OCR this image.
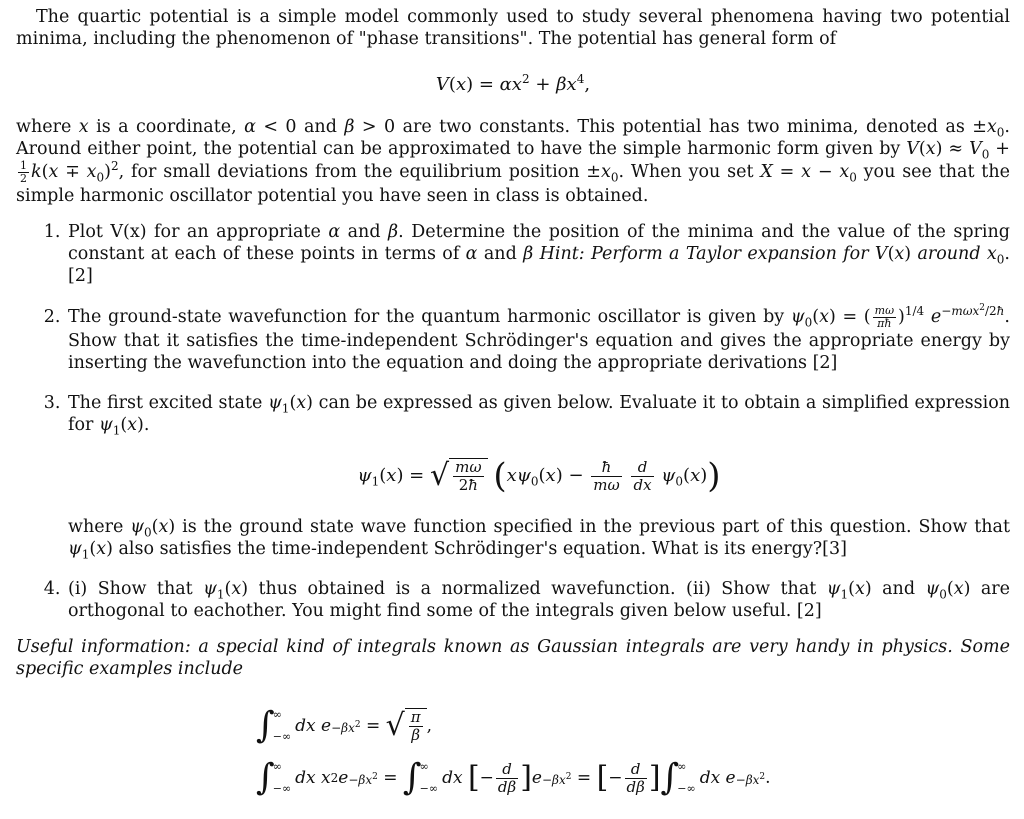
The quartic potential is a simple model commonly used to study several phenomena having two potential minima, including the phenomenon of "phase transitions". The potential has general form of

$V(x) = \alpha x^2 + \beta x^4$,

where x is a coordinate, α < 0 and β > 0 are two constants. This potential has two minima, denoted as $\pm x_0$. Around either point, the potential can be approximated to have the simple harmonic form given by $V(x) \approx V_0$ +
$\frac{1}{2} k(x \mp x_0)^2$, for small deviations from the equilibrium position $\pm x_0$. When you set $X = x - x_0$ you see that the simple harmonic oscillator potential you have seen in class is obtained.

1. Plot V(x) for an appropriate α and β. Determine the position of the minima and the value of the spring constant at each of these points in terms of α and β Hint: Perform a Taylor expansion for V(x) around $x_0$. [2]
2. The ground-state wavefunction for the quantum harmonic oscillator is given by $\psi_0(x)$ = ( $\frac{m\omega}{\pi ħ} )^{1/4}$ $e^{-m\omega x^2/2ħ}$. Show that it satisfies the time-independent Schrödinger's equation and gives the appropriate energy by inserting the wavefunction into the equation and doing the appropriate derivations [2]
3. The first excited state $\psi_1(x)$ can be expressed as given below. Evaluate it to obtain a simplified expression for $\psi_1(x)$.
$\psi_1(x)$ = √ $\frac{m\omega}{2ħ} (x\psi_0(x) - \frac{ħ}{m\omega}$
$\frac{d}{dx} \psi_0(x)$)
where $\psi_0(x)$ is the ground state wave function specified in the previous part of this question. Show that $\psi_1(x)$ also satisfies the time-independent Schrödinger's equation. What is its energy?[3]
4. (i) Show that $\psi_1(x)$ thus obtained is a normalized wavefunction. (ii) Show that $\psi_1(x)$ and $\psi_0(x)$ are orthogonal to eachother. You might find some of the integrals given below useful. [2]

Useful information: a special kind of integrals known as Gaussian integrals are very handy in physics. Some specific examples include

∫
∞
−∞
dx $e -\beta x^2$ = √ $\frac{\pi}{\beta}$ ,
∫
∞
−∞
dx x 2 $e -\beta x^2$ = ∫
∞
−∞
dx
[ − $\frac{d}{d\beta}$ ] $e -\beta x^2$ = [ − $\frac{d}{d\beta}$ ] ∫
∞
−∞
dx $e -\beta x^2$ .
